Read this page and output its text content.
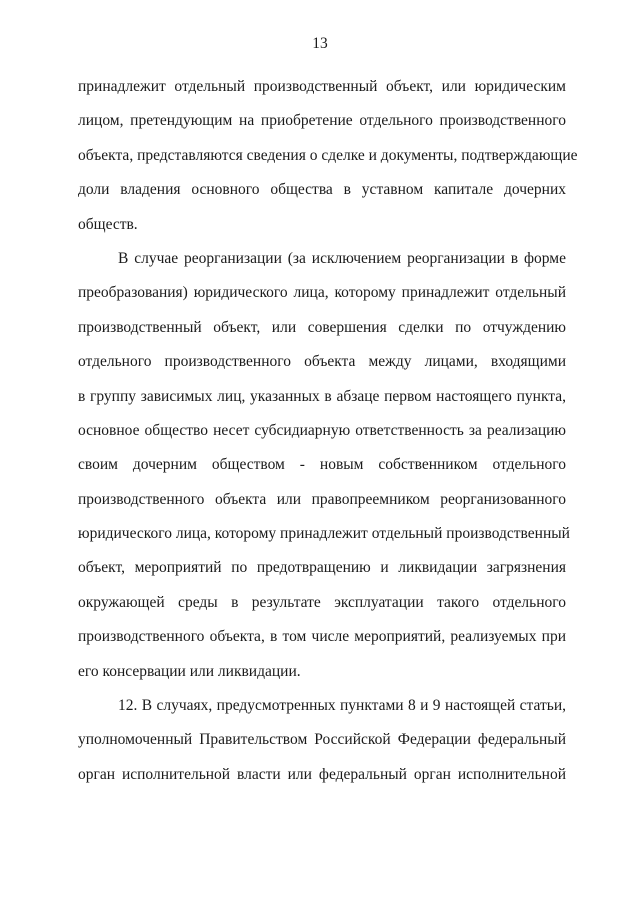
13
принадлежит отдельный производственный объект, или юридическим
лицом, претендующим на приобретение отдельного производственного
объекта, представляются сведения о сделке и документы, подтверждающие
доли владения основного общества в уставном капитале дочерних
обществ.
В случае реорганизации (за исключением реорганизации в форме
преобразования) юридического лица, которому принадлежит отдельный
производственный объект, или совершения сделки по отчуждению
отдельного производственного объекта между лицами, входящими
в группу зависимых лиц, указанных в абзаце первом настоящего пункта,
основное общество несет субсидиарную ответственность за реализацию
своим дочерним обществом - новым собственником отдельного
производственного объекта или правопреемником реорганизованного
юридического лица, которому принадлежит отдельный производственный
объект, мероприятий по предотвращению и ликвидации загрязнения
окружающей среды в результате эксплуатации такого отдельного
производственного объекта, в том числе мероприятий, реализуемых при
его консервации или ликвидации.
12. В случаях, предусмотренных пунктами 8 и 9 настоящей статьи,
уполномоченный Правительством Российской Федерации федеральный
орган исполнительной власти или федеральный орган исполнительной
